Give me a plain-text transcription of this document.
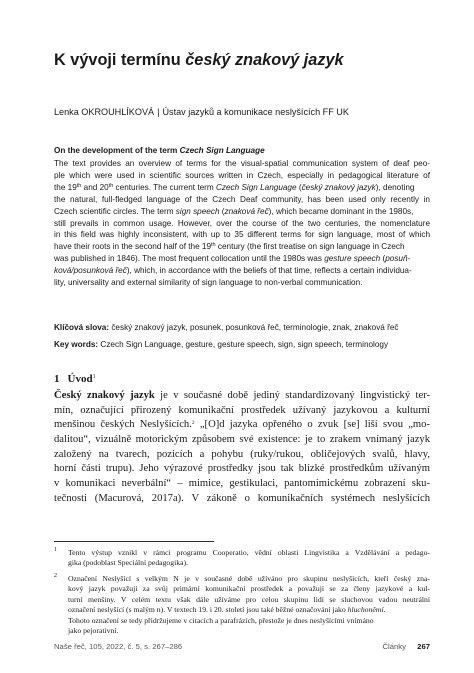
K vývoji termínu český znakový jazyk
Lenka OKROUHLÍKOVÁ | Ústav jazyků a komunikace neslyšících FF UK
On the development of the term Czech Sign Language
The text provides an overview of terms for the visual-spatial communication system of deaf peo-
ple which were used in scientific sources written in Czech, especially in pedagogical literature of
the 19th and 20th centuries. The current term Czech Sign Language (český znakový jazyk), denoting
the natural, full-fledged language of the Czech Deaf community, has been used only recently in
Czech scientific circles. The term sign speech (znaková řeč), which became dominant in the 1980s,
still prevails in common usage. However, over the course of the two centuries, the nomenclature
in this field was highly inconsistent, with up to 35 different terms for sign language, most of which
have their roots in the second half of the 19th century (the first treatise on sign language in Czech
was published in 1846). The most frequent collocation until the 1980s was gesture speech (posuň-
ková/posunková řeč), which, in accordance with the beliefs of that time, reflects a certain individua-
lity, universality and external similarity of sign language to non-verbal communication.
Klíčová slova: český znakový jazyk, posunek, posunková řeč, terminologie, znak, znaková řeč
Key words: Czech Sign Language, gesture, gesture speech, sign, sign speech, terminology
1 Úvod$^1$
Český znakový jazyk je v současné době jediný standardizovaný lingvistický ter-
mín, označující přirozený komunikační prostředek užívaný jazykovou a kulturní
menšinou českých Neslyšících.$^2$ „[O]d jazyka opřeného o zvuk [se] liší svou „mo-
dalitou“, vizuálně motorickým způsobem své existence: je to zrakem vnímaný jazyk
založený na tvarech, pozicích a pohybu (ruky/rukou, obličejových svalů, hlavy,
horní části trupu). Jeho výrazové prostředky jsou tak blízké prostředkům užívaným
v komunikaci neverbální“ – mimice, gestikulaci, pantomimickému zobrazení sku-
tečnosti (Macurová, 2017a). V zákoně o komunikačních systémech neslyšících
1 Tento výstup vznikl v rámci programu Cooperatio, vědní oblasti Lingvistika a Vzdělávání a pedago-
gika (podoblast Speciální pedagogika).
2 Označení Neslyšící s velkým N je v současné době užíváno pro skupinu neslyšících, kteří český zna-
kový jazyk považují za svůj primární komunikační prostředek a považují se za členy jazykové a kul-
turní menšiny. V celém textu však dále užíváme pro celou skupinu lidí se sluchovou vadou neutrální
označení neslyšící (s malým n). V textech 19. i 20. století jsou také běžné označování jako hluchoněmí.
Tohoto označení se tedy přidržujeme v citacích a parafrázích, přestože je dnes neslyšícími vnímáno
jako pejorativní.
Naše řeč, 105, 2022, č. 5, s. 267–286	Články 267
